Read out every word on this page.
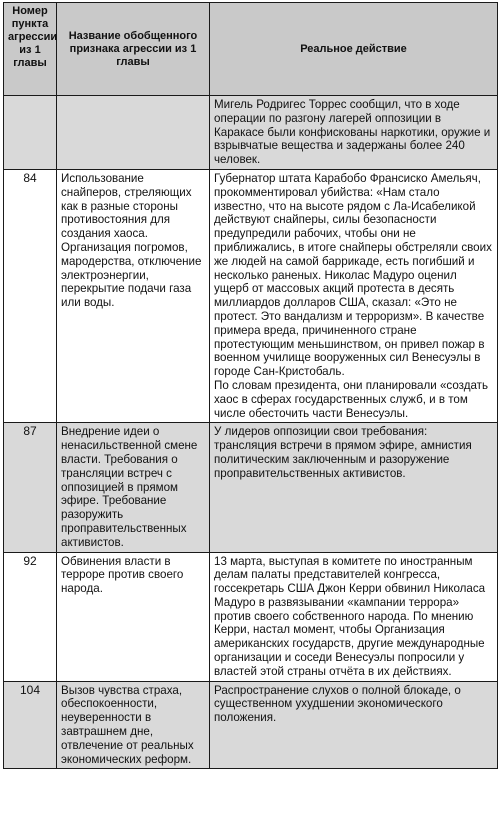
Номер пункта агрессии из 1 главы	Название обобщенного признака агрессии из 1 главы	Реальное действие

		Мигель Родригес Торрес сообщил, что в ходе операции по разгону лагерей оппозиции в Каракасе были конфискованы наркотики, оружие и взрывчатые вещества и задержаны более 240 человек.

84	Использование снайперов, стреляющих как в разные стороны противостояния для создания хаоса. Организация погромов, мародерства, отключение электроэнергии, перекрытие подачи газа или воды.	Губернатор штата Карабобо Франсиско Амельяч, прокомментировал убийства: «Нам стало известно, что на высоте рядом с Ла-Исабеликой действуют снайперы, силы безопасности предупредили рабочих, чтобы они не приближались, в итоге снайперы обстреляли своих же людей на самой баррикаде, есть погибший и несколько раненых. Николас Мадуро оценил ущерб от массовых акций протеста в десять миллиардов долларов США, сказал: «Это не протест. Это вандализм и терроризм». В качестве примера вреда, причиненного стране протестующим меньшинством, он привел пожар в военном училище вооруженных сил Венесуэлы в городе Сан-Кристобаль.

По словам президента, они планировали «создать хаос в сферах государственных служб, и в том числе обесточить части Венесуэлы.

87	Внедрение идеи о ненасильственной смене власти. Требования о трансляции встреч с оппозицией в прямом эфире. Требование разоружить проправительственных активистов.	У лидеров оппозиции свои требования: трансляция встречи в прямом эфире, амнистия политическим заключенным и разоружение проправительственных активистов.

92	Обвинения власти в терроре против своего народа.	13 марта, выступая в комитете по иностранным делам палаты представителей конгресса, госсекретарь США Джон Керри обвинил Николаса Мадуро в развязывании «кампании террора» против своего собственного народа. По мнению Керри, настал момент, чтобы Организация американских государств, другие международные организации и соседи Венесуэлы попросили у властей этой страны отчёта в их действиях.

104	Вызов чувства страха, обеспокоенности, неуверенности в завтрашнем дне, отвлечение от реальных экономических реформ.	Распространение слухов о полной блокаде, о существенном ухудшении экономического положения.
